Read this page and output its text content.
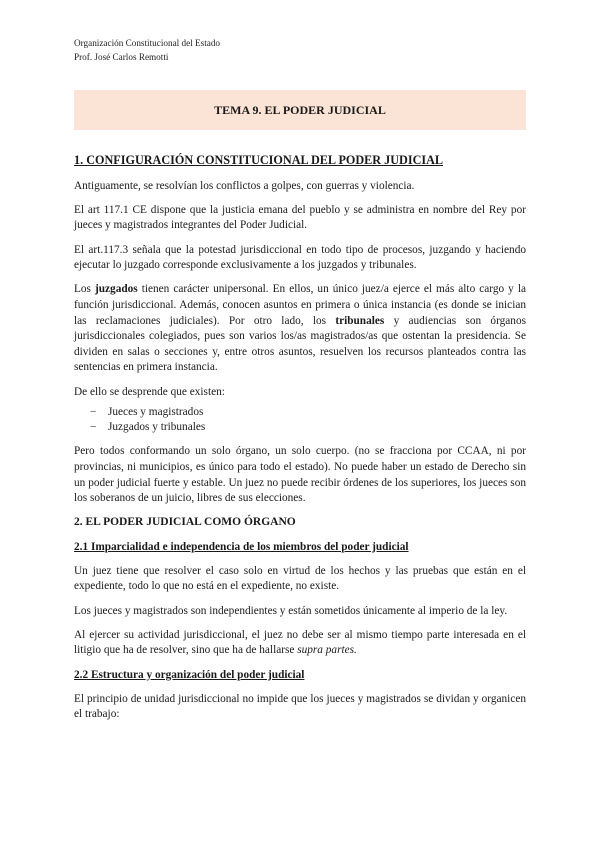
Organización Constitucional del Estado
Prof. José Carlos Remotti
TEMA 9. EL PODER JUDICIAL

1. CONFIGURACIÓN CONSTITUCIONAL DEL PODER JUDICIAL

Antiguamente, se resolvían los conflictos a golpes, con guerras y violencia.

El art 117.1 CE dispone que la justicia emana del pueblo y se administra en nombre del Rey por jueces y magistrados integrantes del Poder Judicial.

El art.117.3 señala que la potestad jurisdiccional en todo tipo de procesos, juzgando y haciendo ejecutar lo juzgado corresponde exclusivamente a los juzgados y tribunales.

Los juzgados tienen carácter unipersonal. En ellos, un único juez/a ejerce el más alto cargo y la función jurisdiccional. Además, conocen asuntos en primera o única instancia (es donde se inician las reclamaciones judiciales). Por otro lado, los tribunales y audiencias son órganos jurisdiccionales colegiados, pues son varios los/as magistrados/as que ostentan la presidencia. Se dividen en salas o secciones y, entre otros asuntos, resuelven los recursos planteados contra las sentencias en primera instancia.

De ello se desprende que existen:

− Jueces y magistrados
− Juzgados y tribunales

Pero todos conformando un solo órgano, un solo cuerpo. (no se fracciona por CCAA, ni por provincias, ni municipios, es único para todo el estado). No puede haber un estado de Derecho sin un poder judicial fuerte y estable. Un juez no puede recibir órdenes de los superiores, los jueces son los soberanos de un juicio, libres de sus elecciones.

2. EL PODER JUDICIAL COMO ÓRGANO

2.1 Imparcialidad e independencia de los miembros del poder judicial

Un juez tiene que resolver el caso solo en virtud de los hechos y las pruebas que están en el expediente, todo lo que no está en el expediente, no existe.

Los jueces y magistrados son independientes y están sometidos únicamente al imperio de la ley.

Al ejercer su actividad jurisdiccional, el juez no debe ser al mismo tiempo parte interesada en el litigio que ha de resolver, sino que ha de hallarse supra partes.

2.2 Estructura y organización del poder judicial

El principio de unidad jurisdiccional no impide que los jueces y magistrados se dividan y organicen el trabajo:
